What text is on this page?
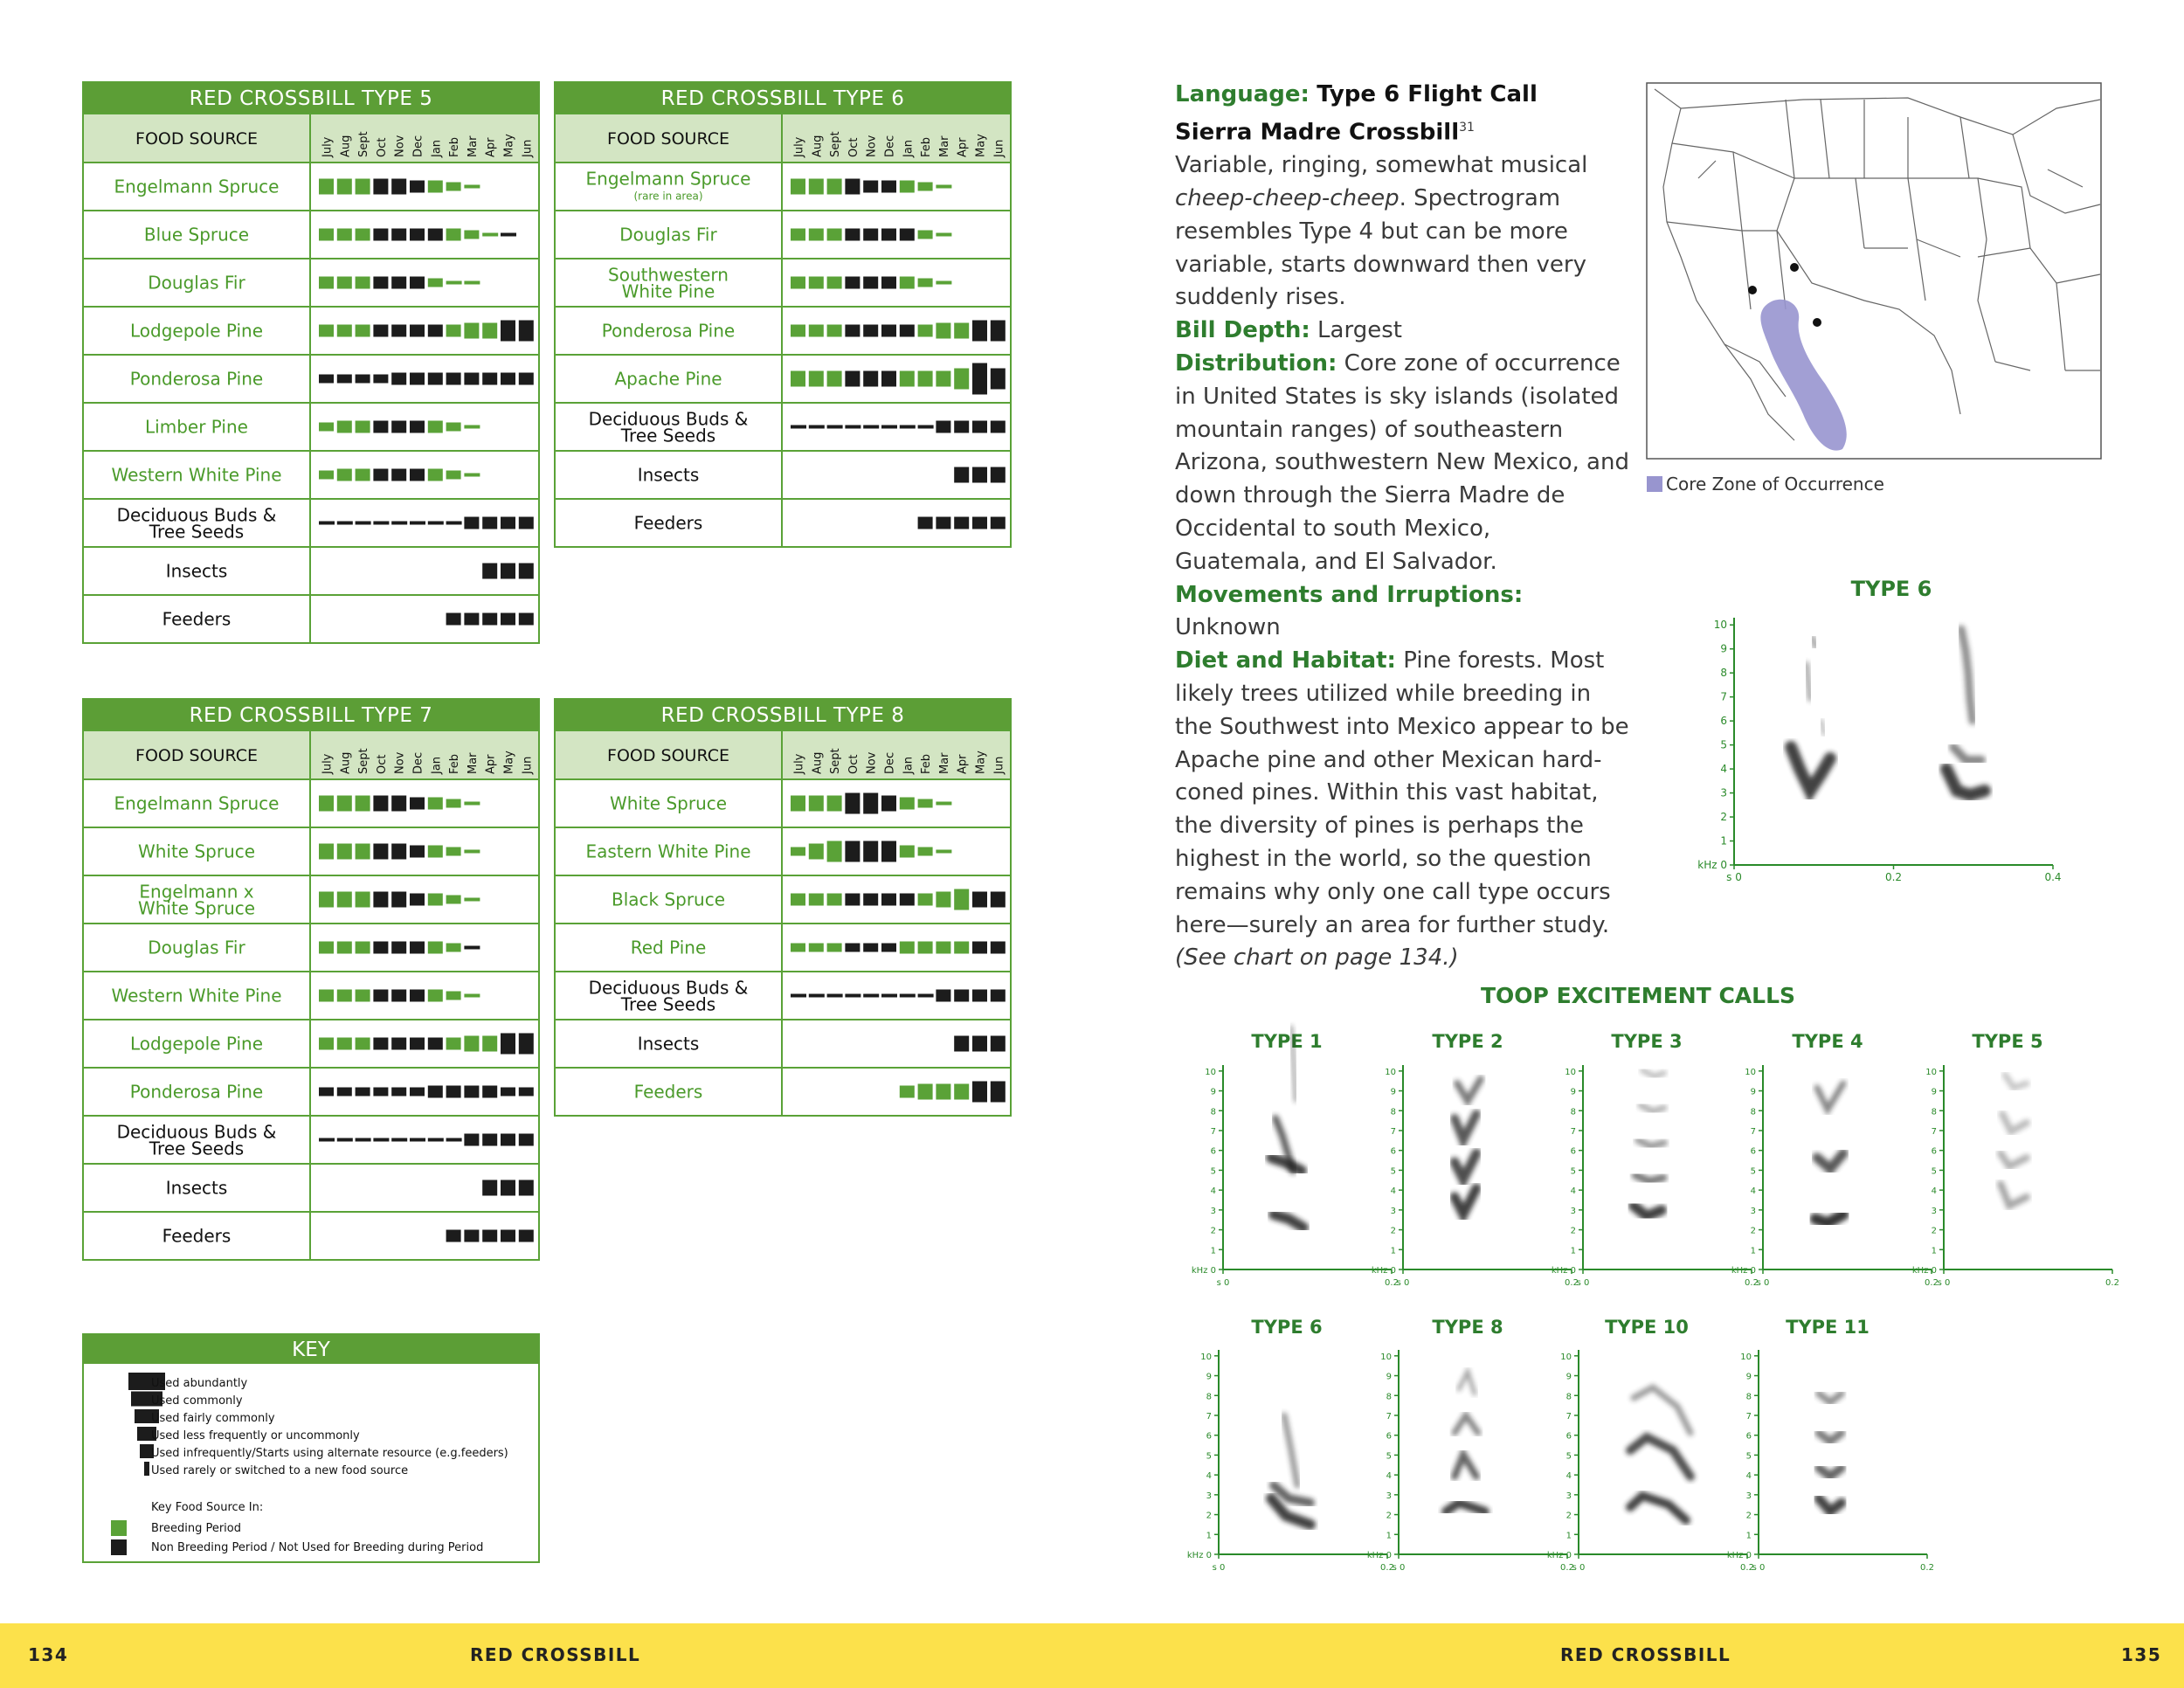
RED CROSSBILL TYPE 5
FOOD SOURCE	July Aug Sept Oct Nov Dec Jan Feb Mar Apr May Jun
Engelmann Spruce
Blue Spruce
Douglas Fir
Lodgepole Pine
Ponderosa Pine
Limber Pine
Western White Pine
Deciduous Buds &
Tree Seeds
Insects
Feeders
RED CROSSBILL TYPE 6
FOOD SOURCE	July Aug Sept Oct Nov Dec Jan Feb Mar Apr May Jun
Engelmann Spruce
(rare in area)
Douglas Fir
Southwestern
White Pine
Ponderosa Pine
Apache Pine
Deciduous Buds &
Tree Seeds
Insects
Feeders
RED CROSSBILL TYPE 7
FOOD SOURCE	July Aug Sept Oct Nov Dec Jan Feb Mar Apr May Jun
Engelmann Spruce
White Spruce
Engelmann x
White Spruce
Douglas Fir
Western White Pine
Lodgepole Pine
Ponderosa Pine
Deciduous Buds &
Tree Seeds
Insects
Feeders
RED CROSSBILL TYPE 8
FOOD SOURCE	July Aug Sept Oct Nov Dec Jan Feb Mar Apr May Jun
White Spruce
Eastern White Pine
Black Spruce
Red Pine
Deciduous Buds &
Tree Seeds
Insects
Feeders
KEY
Used abundantly
Used commonly
Used fairly commonly
Used less frequently or uncommonly
Used infrequently/Starts using alternate resource (e.g.feeders)
Used rarely or switched to a new food source
Key Food Source In:
Breeding Period
Non Breeding Period / Not Used for Breeding during Period

Language: Type 6 Flight Call

Sierra Madre Crossbill$^{31}$

Variable, ringing, somewhat musical cheep-cheep-cheep. Spectrogram resembles Type 4 but can be more variable, starts downward then very suddenly rises.

Bill Depth: Largest

Distribution: Core zone of occurrence in United States is sky islands (isolated mountain ranges) of southeastern Arizona, southwestern New Mexico, and down through the Sierra Madre de Occidental to south Mexico, Guatemala, and El Salvador.

Movements and Irruptions: Unknown

Diet and Habitat: Pine forests. Most likely trees utilized while breeding in the Southwest into Mexico appear to be Apache pine and other Mexican hard-coned pines. Within this vast habitat, the diversity of pines is perhaps the highest in the world, so the question remains why only one call type occurs here—surely an area for further study.

(See chart on page 134.)

Core Zone of Occurrence
TYPE 6
kHz 0
1
2
3
4
5
6
7
8
9
10
s 0	0.2	0.4
TOOP EXCITEMENT CALLS
TYPE 1
kHz 0
1
2
3
4
5
6
7
8
9
10
s 0	0.2
TYPE 2
kHz 0
1
2
3
4
5
6
7
8
9
10
s 0	0.2
TYPE 3
kHz 0
1
2
3
4
5
6
7
8
9
10
s 0	0.2
TYPE 4
kHz 0
1
2
3
4
5
6
7
8
9
10
s 0	0.2
TYPE 5
kHz 0
1
2
3
4
5
6
7
8
9
10
s 0	0.2
TYPE 6
kHz 0
1
2
3
4
5
6
7
8
9
10
s 0	0.2
TYPE 8
kHz 0
1
2
3
4
5
6
7
8
9
10
s 0	0.2
TYPE 10
kHz 0
1
2
3
4
5
6
7
8
9
10
s 0	0.2
TYPE 11
kHz 0
1
2
3
4
5
6
7
8
9
10
s 0	0.2
134	RED CROSSBILL	RED CROSSBILL	135
